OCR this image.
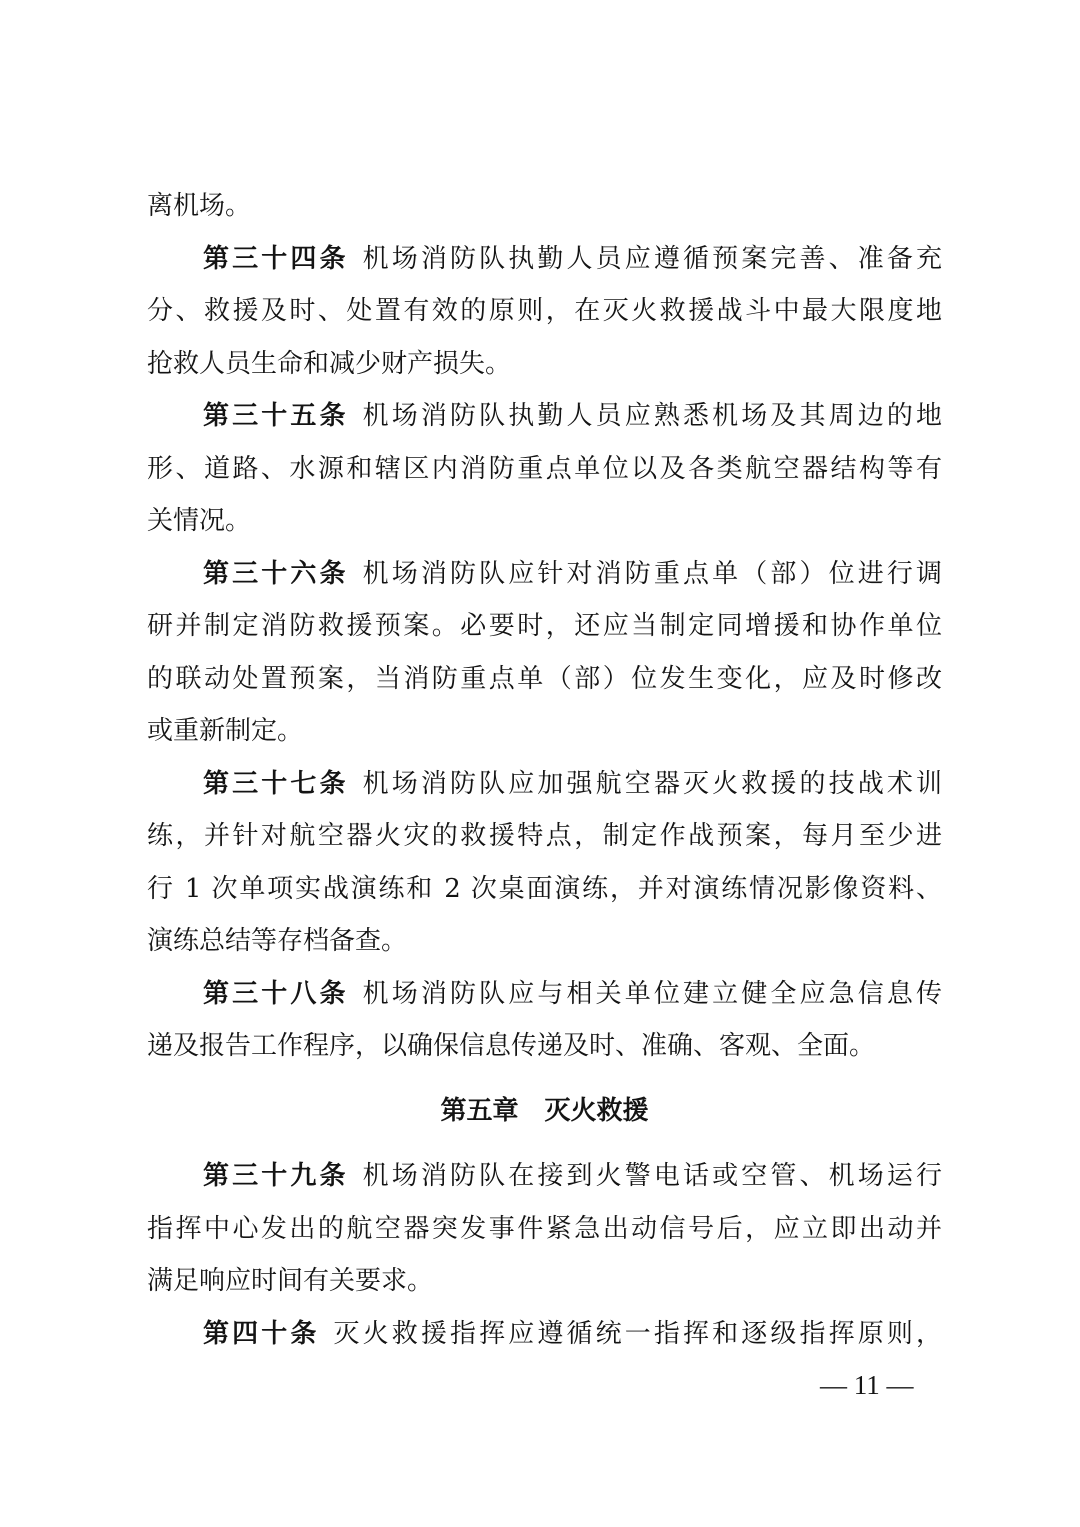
离机场。
第三十四条 机场消防队执勤人员应遵循预案完善、准备充
分、救援及时、处置有效的原则，在灭火救援战斗中最大限度地
抢救人员生命和减少财产损失。
第三十五条 机场消防队执勤人员应熟悉机场及其周边的地
形、道路、水源和辖区内消防重点单位以及各类航空器结构等有
关情况。
第三十六条 机场消防队应针对消防重点单（部）位进行调
研并制定消防救援预案。必要时，还应当制定同增援和协作单位
的联动处置预案，当消防重点单（部）位发生变化，应及时修改
或重新制定。
第三十七条 机场消防队应加强航空器灭火救援的技战术训
练，并针对航空器火灾的救援特点，制定作战预案，每月至少进
行 1 次单项实战演练和 2 次桌面演练，并对演练情况影像资料、
演练总结等存档备查。
第三十八条 机场消防队应与相关单位建立健全应急信息传
递及报告工作程序，以确保信息传递及时、准确、客观、全面。
第五章　灭火救援
第三十九条 机场消防队在接到火警电话或空管、机场运行
指挥中心发出的航空器突发事件紧急出动信号后，应立即出动并
满足响应时间有关要求。
第四十条 灭火救援指挥应遵循统一指挥和逐级指挥原则，
— 11 —
